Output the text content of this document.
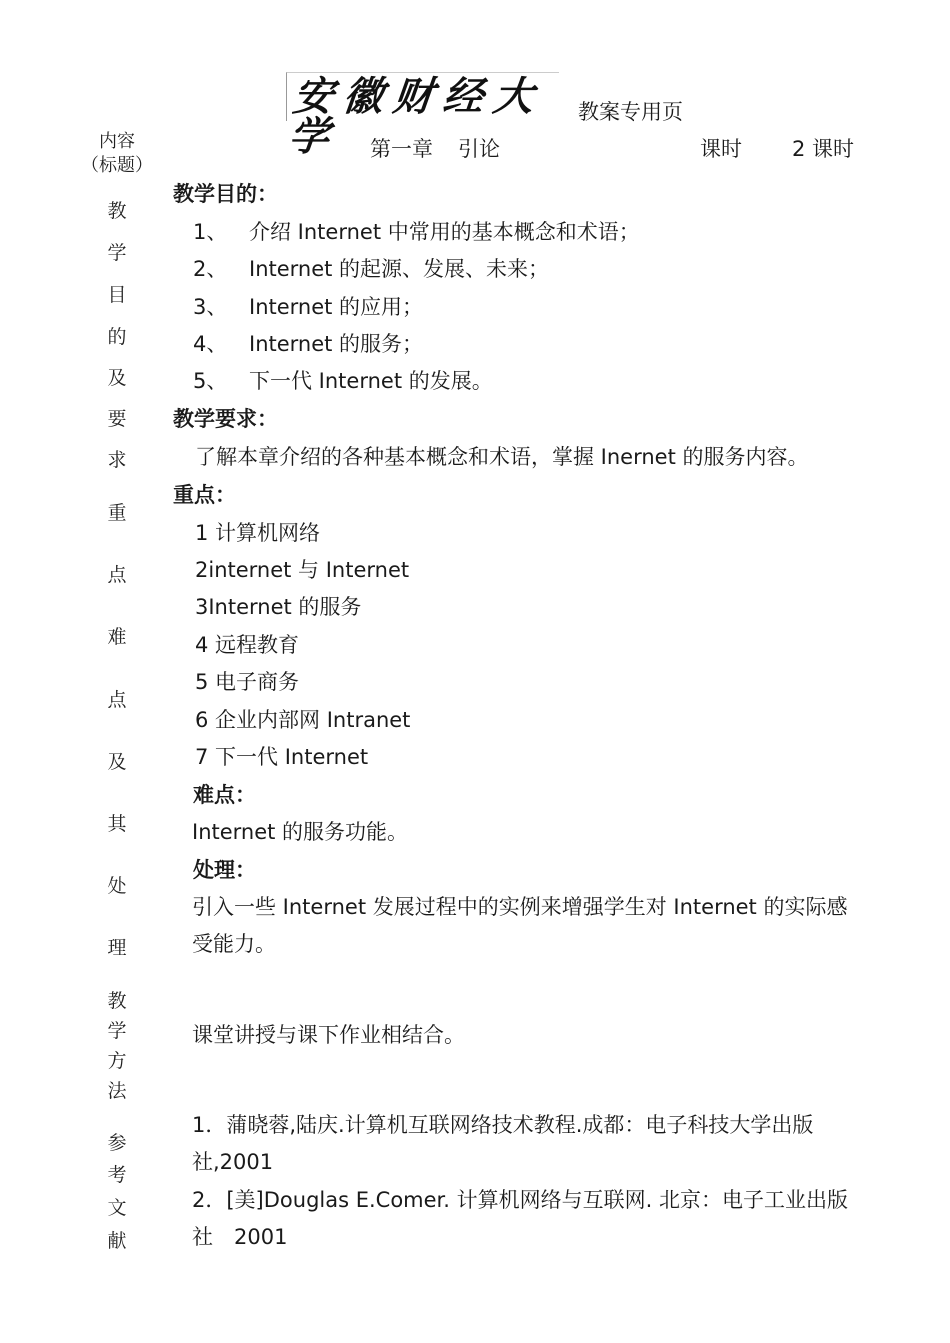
安徽财经大学
教案专用页
内容
（标题）
教
学
目
的
及
要
求
重
点
难
点
及
其
处
理
教
学
方
法
参
考
文
献
第一章 引论	课时 2 课时
教学目的：
1、 介绍 Internet 中常用的基本概念和术语；
2、 Internet 的起源、发展、未来；
3、 Internet 的应用；
4、 Internet 的服务；
5、 下一代 Internet 的发展。
教学要求：
了解本章介绍的各种基本概念和术语，掌握 Inernet 的服务内容。
重点：
1 计算机网络
2internet 与 Internet
3Internet 的服务
4 远程教育
5 电子商务
6 企业内部网 Intranet
7 下一代 Internet
难点：
Internet 的服务功能。
处理：
引入一些 Internet 发展过程中的实例来增强学生对 Internet 的实际感受能力。
课堂讲授与课下作业相结合。
1．蒲晓蓉,陆庆.计算机互联网络技术教程.成都：电子科技大学出版社,2001
2．[美]Douglas E.Comer. 计算机网络与互联网. 北京：电子工业出版社　2001
